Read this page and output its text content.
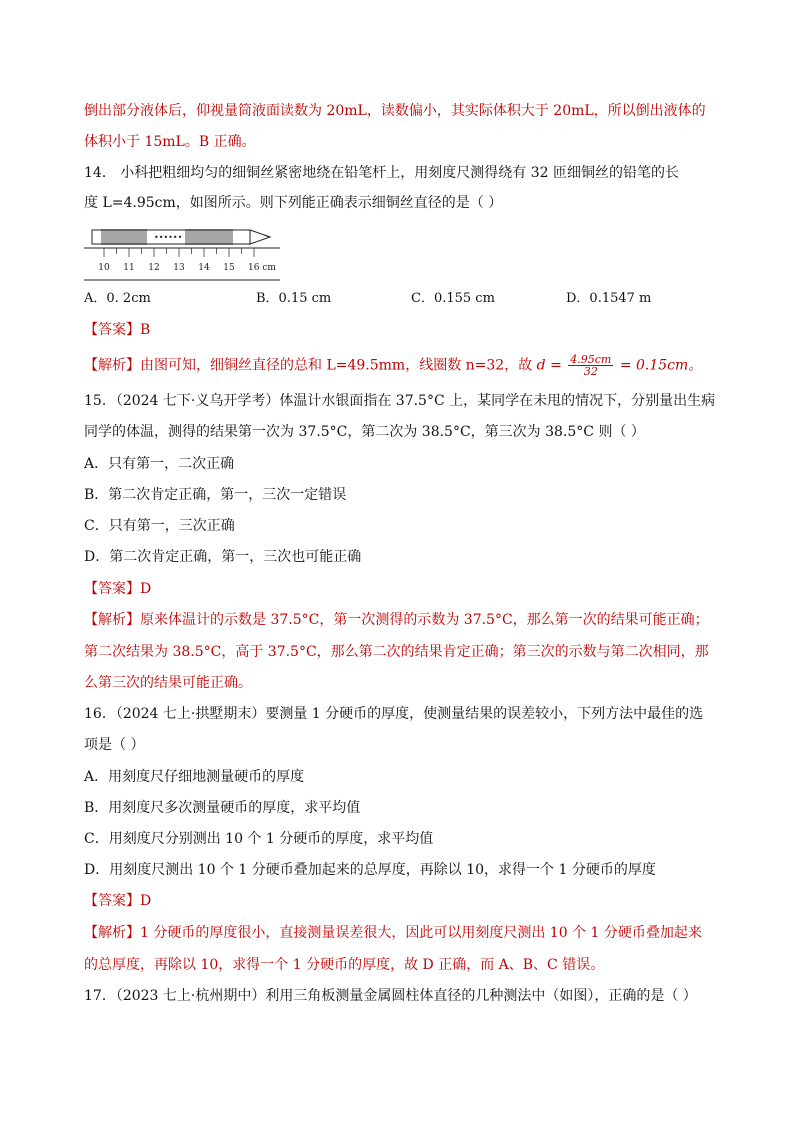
倒出部分液体后，仰视量筒液面读数为 20mL，读数偏小，其实际体积大于 20mL，所以倒出液体的
体积小于 15mL。B 正确。
14． 小科把粗细均匀的细铜丝紧密地绕在铅笔杆上，用刻度尺测得绕有 32 匝细铜丝的铅笔的长
度 L=4.95cm，如图所示。则下列能正确表示细铜丝直径的是（ ）
••••••
10 11 12 13 14 15 16 cm
A．0. 2cm	B．0.15 cm	C．0.155 cm	D．0.1547 m
【答案】B
【解析】由图可知，细铜丝直径的总和 L=49.5mm，线圈数 n=32，故 $d = \frac{4.95cm}{32} = 0.15cm$。
15．（2024 七下·义乌开学考）体温计水银面指在 37.5°C 上，某同学在未甩的情况下，分别量出生病
同学的体温，测得的结果第一次为 37.5°C，第二次为 38.5°C，第三次为 38.5°C 则（ ）
A．只有第一，二次正确
B．第二次肯定正确，第一，三次一定错误
C．只有第一，三次正确
D．第二次肯定正确，第一，三次也可能正确
【答案】D
【解析】原来体温计的示数是 37.5°C，第一次测得的示数为 37.5°C，那么第一次的结果可能正确；
第二次结果为 38.5°C，高于 37.5°C，那么第二次的结果肯定正确；第三次的示数与第二次相同，那
么第三次的结果可能正确。
16．（2024 七上·拱墅期末）要测量 1 分硬币的厚度，使测量结果的误差较小，下列方法中最佳的选
项是（ ）
A．用刻度尺仔细地测量硬币的厚度
B．用刻度尺多次测量硬币的厚度，求平均值
C．用刻度尺分别测出 10 个 1 分硬币的厚度，求平均值
D．用刻度尺测出 10 个 1 分硬币叠加起来的总厚度，再除以 10，求得一个 1 分硬币的厚度
【答案】D
【解析】1 分硬币的厚度很小，直接测量误差很大，因此可以用刻度尺测出 10 个 1 分硬币叠加起来
的总厚度，再除以 10，求得一个 1 分硬币的厚度，故 D 正确，而 A、B、C 错误。
17．（2023 七上·杭州期中）利用三角板测量金属圆柱体直径的几种测法中（如图），正确的是（ ）
